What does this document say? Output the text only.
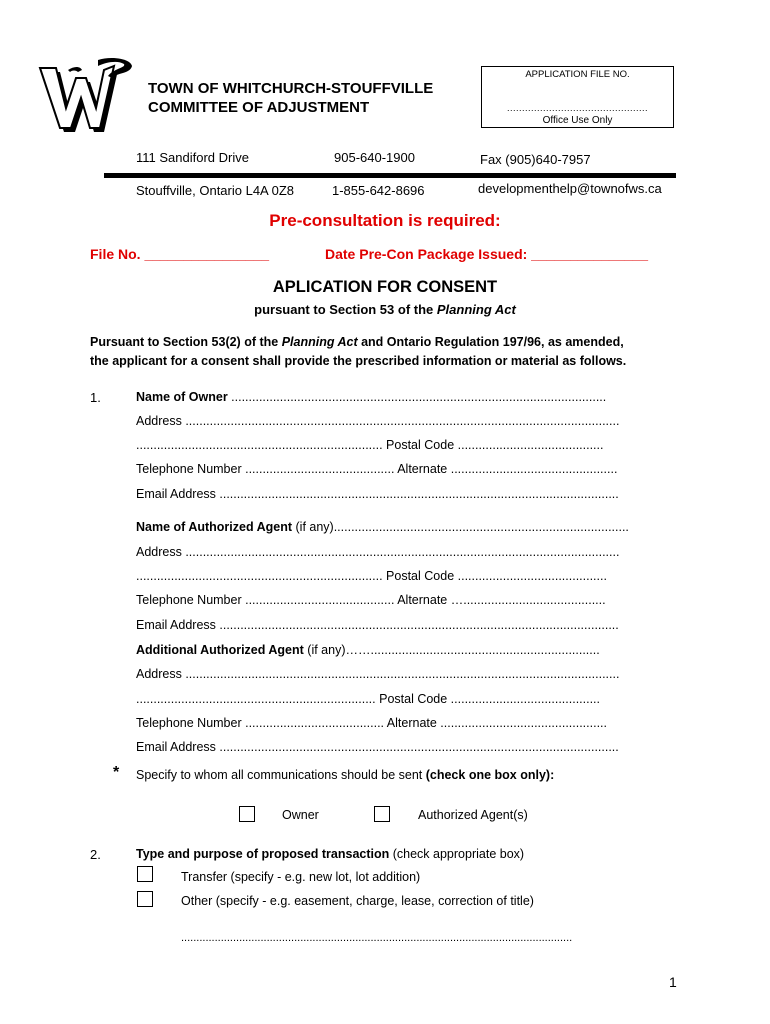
TOWN OF WHITCHURCH-STOUFFVILLE
COMMITTEE OF ADJUSTMENT
APPLICATION FILE NO.
...............................................
Office Use Only
111 Sandiford Drive	905-640-1900	Fax (905)640-7957
Stouffville, Ontario L4A 0Z8	1-855-642-8696	developmenthelp@townofws.ca
Pre-consultation is required:
File No. ________________	Date Pre-Con Package Issued: _______________
APLICATION FOR CONSENT
pursuant to Section 53 of the Planning Act
Pursuant to Section 53(2) of the Planning Act and Ontario Regulation 197/96, as amended,
the applicant for a consent shall provide the prescribed information or material as follows.
1.	Name of Owner ............................................................................................................
Address .............................................................................................................................
....................................................................... Postal Code ..........................................
Telephone Number ........................................... Alternate ................................................
Email Address ...................................................................................................................
Name of Authorized Agent (if any).....................................................................................
Address .............................................................................................................................
....................................................................... Postal Code ...........................................
Telephone Number ........................................... Alternate ….........................................
Email Address ...................................................................................................................
Additional Authorized Agent (if any)……..................................................................
Address .............................................................................................................................
..................................................................... Postal Code ...........................................
Telephone Number ........................................ Alternate ................................................
Email Address ...................................................................................................................
* Specify to whom all communications should be sent (check one box only):
Owner	Authorized Agent(s)
2.	Type and purpose of proposed transaction (check appropriate box)
Transfer (specify - e.g. new lot, lot addition)
Other (specify - e.g. easement, charge, lease, correction of title)
................................................................................................................................
1
